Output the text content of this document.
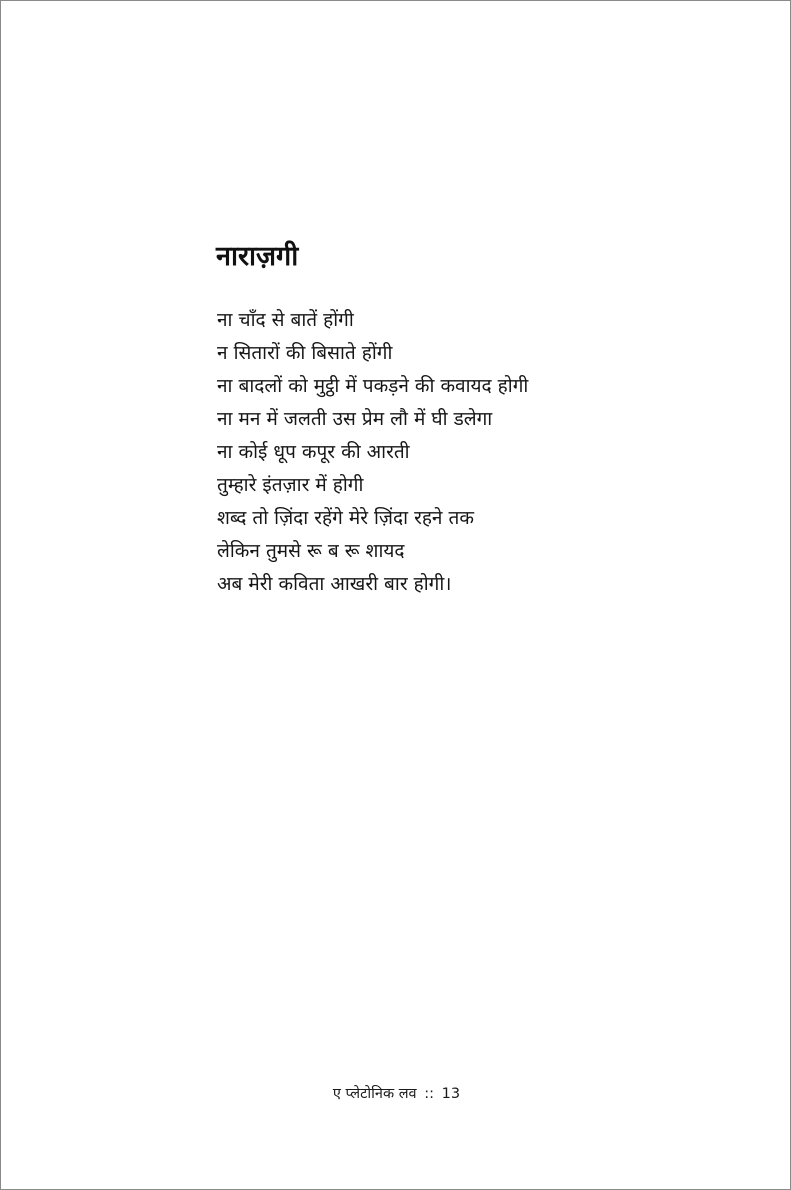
नाराज़गी
ना चाँद से बातें होंगी
न सितारों की बिसाते होंगी
ना बादलों को मुट्ठी में पकड़ने की कवायद होगी
ना मन में जलती उस प्रेम लौ में घी डलेगा
ना कोई धूप कपूर की आरती
तुम्हारे इंतज़ार में होगी
शब्द तो ज़िंदा रहेंगे मेरे ज़िंदा रहने तक
लेकिन तुमसे रू ब रू शायद
अब मेरी कविता आखरी बार होगी।
ए प्लेटोनिक लव :: 13
